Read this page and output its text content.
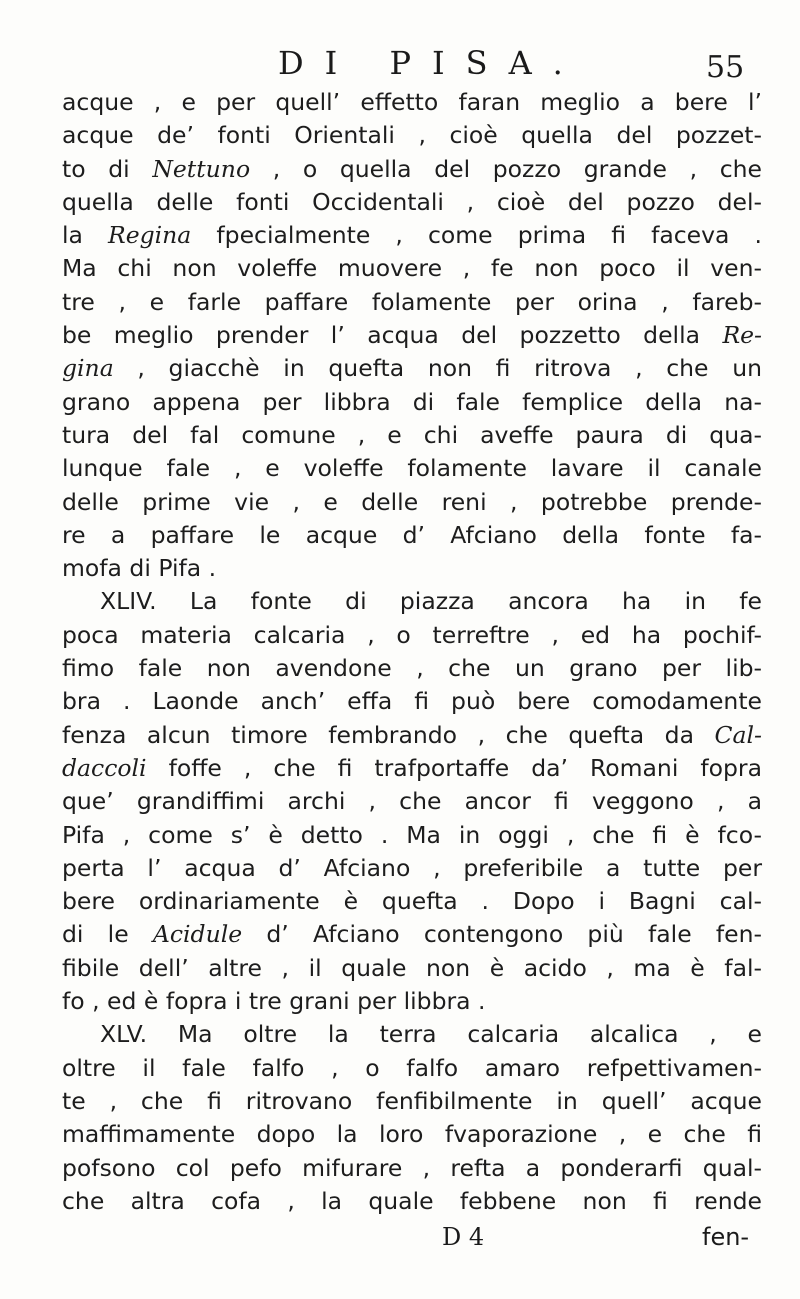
DI PISA.	55
acque , e per quell’ effetto faran meglio a bere l’
acque de’ fonti Orientali , cioè quella del pozzet-
to di Nettuno , o quella del pozzo grande , che
quella delle fonti Occidentali , cioè del pozzo del-
la Regina fpecialmente , come prima fi faceva .
Ma chi non voleffe muovere , fe non poco il ven-
tre , e farle paffare folamente per orina , fareb-
be meglio prender l’ acqua del pozzetto della Re-
gina , giacchè in quefta non fi ritrova , che un
grano appena per libbra di fale femplice della na-
tura del fal comune , e chi aveffe paura di qua-
lunque fale , e voleffe folamente lavare il canale
delle prime vie , e delle reni , potrebbe prende-
re a paffare le acque d’ Afciano della fonte fa-
mofa di Pifa .
XLIV. La fonte di piazza ancora ha in fe
poca materia calcaria , o terreftre , ed ha pochif-
fimo fale non avendone , che un grano per lib-
bra . Laonde anch’ effa fi può bere comodamente
fenza alcun timore fembrando , che quefta da Cal-
daccoli foffe , che fi trafportaffe da’ Romani fopra
que’ grandiffimi archi , che ancor fi veggono , a
Pifa , come s’ è detto . Ma in oggi , che fi è fco-
perta l’ acqua d’ Afciano , preferibile a tutte per
bere ordinariamente è quefta . Dopo i Bagni cal-
di le Acidule d’ Afciano contengono più fale fen-
fibile dell’ altre , il quale non è acido , ma è fal-
fo , ed è fopra i tre grani per libbra .
XLV. Ma oltre la terra calcaria alcalica , e
oltre il fale falfo , o falfo amaro refpettivamen-
te , che fi ritrovano fenfibilmente in quell’ acque
maffimamente dopo la loro fvaporazione , e che fi
pofsono col pefo mifurare , refta a ponderarfi qual-
che altra cofa , la quale febbene non fi rende
D 4	fen-
